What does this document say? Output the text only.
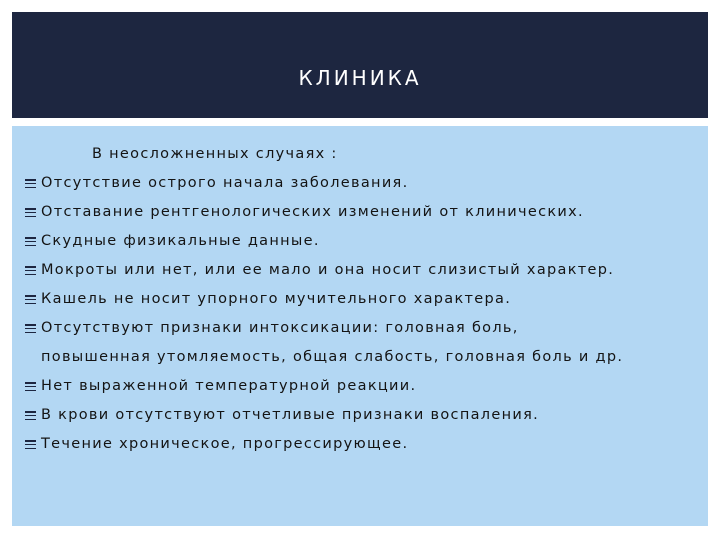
КЛИНИКА
В неосложненных случаях :
Отсутствие острого начала заболевания.
Отставание рентгенологических изменений от клинических.
Скудные физикальные данные.
Мокроты или нет, или ее мало и она носит слизистый характер.
Кашель не носит упорного мучительного характера.
Отсутствуют признаки интоксикации: головная боль,
повышенная утомляемость, общая слабость, головная боль и др.
Нет выраженной температурной реакции.
В крови отсутствуют отчетливые признаки воспаления.
Течение хроническое, прогрессирующее.
